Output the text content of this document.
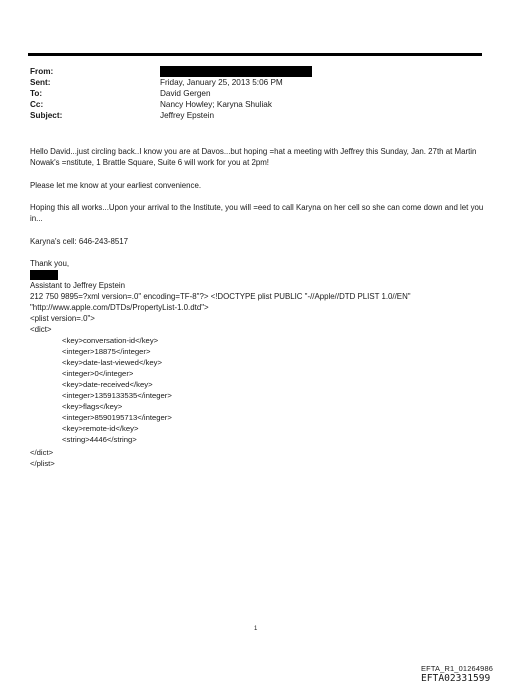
From:
Sent:
To:
Cc:
Subject:
Friday, January 25, 2013 5:06 PM
David Gergen
Nancy Howley; Karyna Shuliak
Jeffrey Epstein
Hello David...just circling back..I know you are at Davos...but hoping =hat a meeting with Jeffrey this Sunday, Jan. 27th at Martin Nowak's =nstitute, 1 Brattle Square, Suite 6 will work for you at 2pm!
Please let me know at your earliest convenience.
Hoping this all works...Upon your arrival to the Institute, you will =eed to call Karyna on her cell so she can come down and let you in...
Karyna's cell: 646-243-8517
Thank you,
Assistant to Jeffrey Epstein
212 750 9895=?xml version=.0" encoding=TF-8"?> <!DOCTYPE plist PUBLIC "-//Apple//DTD PLIST 1.0//EN"
"http://www.apple.com/DTDs/PropertyList-1.0.dtd">
<plist version=.0">
<dict>
<key>conversation-id</key>
<integer>18875</integer>
<key>date-last-viewed</key>
<integer>0</integer>
<key>date-received</key>
<integer>1359133535</integer>
<key>flags</key>
<integer>8590195713</integer>
<key>remote-id</key>
<string>4446</string>
</dict>
</plist>
1
EFTA_R1_01264986
EFTA02331599
